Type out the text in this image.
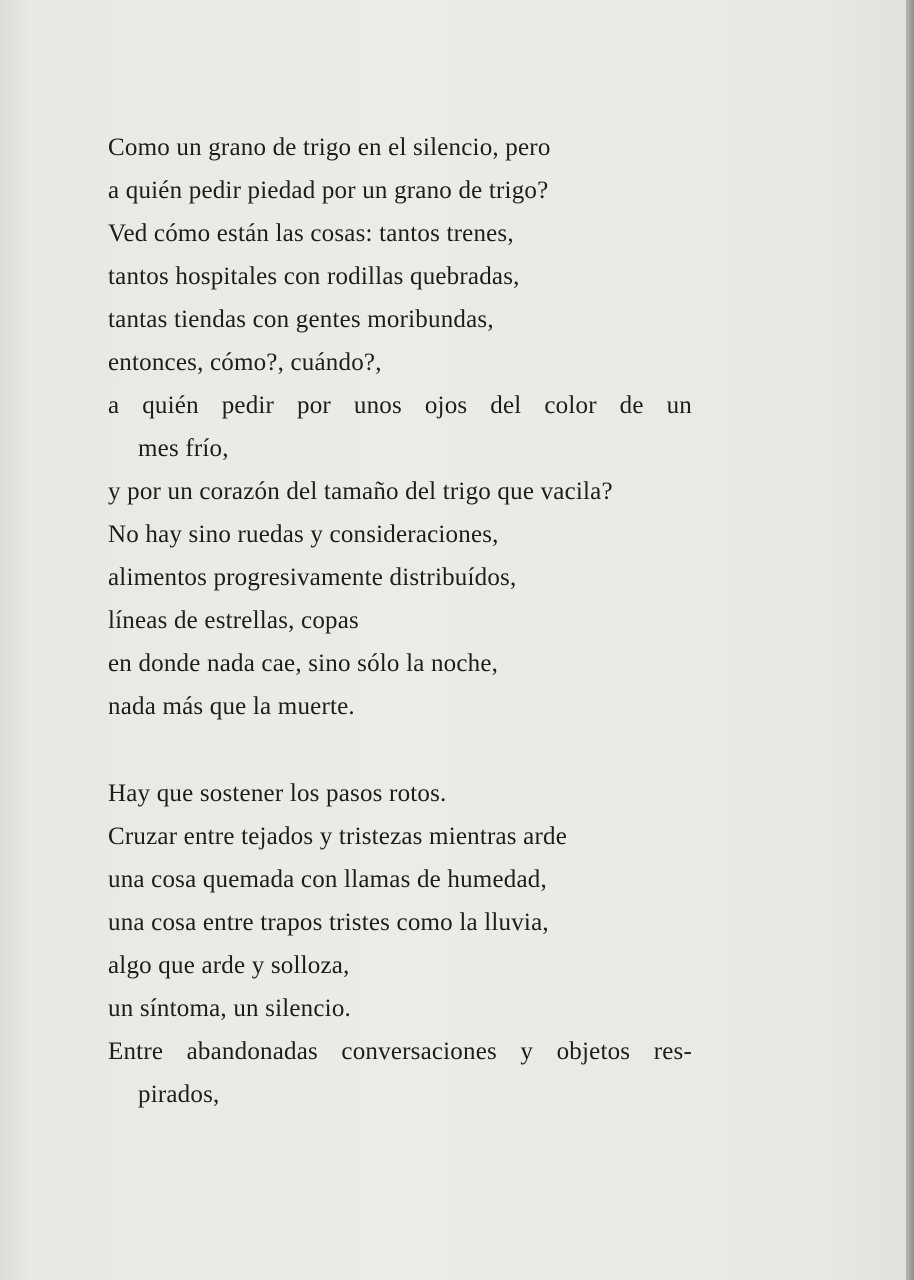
Como un grano de trigo en el silencio, pero
a quién pedir piedad por un grano de trigo?
Ved cómo están las cosas: tantos trenes,
tantos hospitales con rodillas quebradas,
tantas tiendas con gentes moribundas,
entonces, cómo?, cuándo?,
a quién pedir por unos ojos del color de un
mes frío,
y por un corazón del tamaño del trigo que vacila?
No hay sino ruedas y consideraciones,
alimentos progresivamente distribuídos,
líneas de estrellas, copas
en donde nada cae, sino sólo la noche,
nada más que la muerte.
Hay que sostener los pasos rotos.
Cruzar entre tejados y tristezas mientras arde
una cosa quemada con llamas de humedad,
una cosa entre trapos tristes como la lluvia,
algo que arde y solloza,
un síntoma, un silencio.
Entre abandonadas conversaciones y objetos res-
pirados,
